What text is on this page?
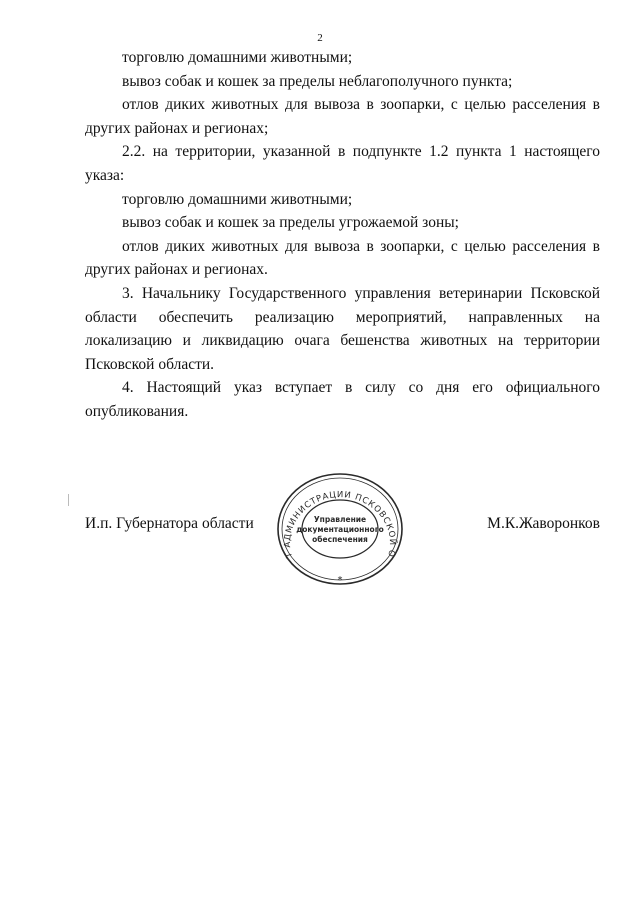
2

торговлю домашними животными;

вывоз собак и кошек за пределы неблагополучного пункта;

отлов диких животных для вывоза в зоопарки, с целью расселения в других районах и регионах;

2.2. на территории, указанной в подпункте 1.2 пункта 1 настоящего указа:

торговлю домашними животными;

вывоз собак и кошек за пределы угрожаемой зоны;

отлов диких животных для вывоза в зоопарки, с целью расселения в других районах и регионах.

3. Начальнику Государственного управления ветеринарии Псковской области обеспечить реализацию мероприятий, направленных на локализацию и ликвидацию очага бешенства животных на территории Псковской области.

4. Настоящий указ вступает в силу со дня его официального опубликования.

И.п. Губернатора области	М.К.Жаворонков
Т АДМИНИСТРАЦИИ ПСКОВСКОЙ О
Управление
документационного
обеспечения
*
